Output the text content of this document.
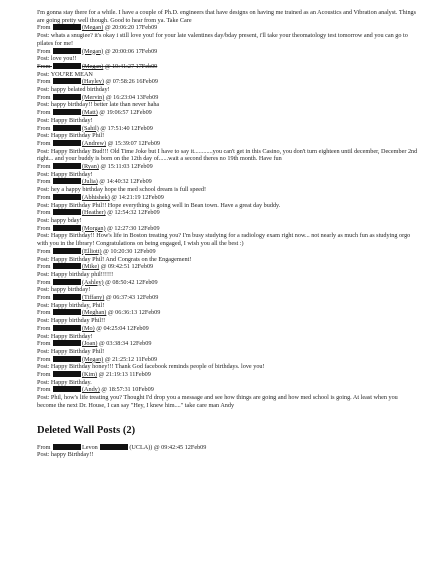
I'm gonna stay there for a while. I have a couple of Ph.D. engineers that have designs on having me trained as an Acoustics and Vibration analyst. Things are going pretty well though. Good to hear from ya. Take Care

From	(Megan) @ 20:06:20 17Feb09
Post: whats a snugiee? it's okay i still love you! for your late valentines day/bday present, i'll take your theomatology test tomorrow and you can go to pilates for me!
From	(Megan) @ 20:00:06 17Feb09
Post: love you!!
From	(Megan) @ 19:41:27 17Feb09
Post: YOU'RE MEAN
From	(Hayley) @ 07:58:26 16Feb09
Post: happy belated birthday!
From	(Mervin) @ 16:23:04 13Feb09
Post: happy birthday!! better late than never haha
From	(Matt) @ 19:06:57 12Feb09
Post: Happy Birthday!
From	(Sahil) @ 17:51:40 12Feb09
Post: Happy Birthday Phil!
From	(Andrew) @ 15:39:07 12Feb09
Post: Happy Birthday Bud!!! Old Time Joke but I have to say it............you can't get in this Casino, you don't turn eighteen until december, December 2nd right... and your buddy is born on the 12th day of......wait a second theres no 19th month. Have fun
From	(Ryan) @ 15:11:03 12Feb09
Post: Happy Birthday!
From	(Julia) @ 14:40:32 12Feb09
Post: hey a happy birthday hope the med school dream is full speed!
From	(Abhishek) @ 14:21:19 12Feb09
Post: Happy Birthday Phil!! Hope everything is going well in Bean town. Have a great day buddy.
From	(Heather) @ 12:54:32 12Feb09
Post: happy bday!
From	(Morgan) @ 12:27:30 12Feb09
Post: Happy Birthday!! How's life in Boston treating you? I'm busy studying for a radiology exam right now... not nearly as much fun as studying orgo with you in the library! Congratulations on being engaged, I wish you all the best :)
From	(Elliott) @ 10:20:30 12Feb09
Post: Happy Birthday Phil! And Congrats on the Engagement!
From	(Mike) @ 09:42:51 12Feb09
Post: Happy birthday phil!!!!!!
From	(Ashley) @ 08:50:42 12Feb09
Post: happy birthday!
From	(Tiffany) @ 06:37:43 12Feb09
Post: Happy birthday, Phil!
From	(Meghan) @ 06:36:13 12Feb09
Post: Happy birthday Phil!!
From	(Mo) @ 04:25:04 12Feb09
Post: Happy Birthday!
From	(Joan) @ 03:38:34 12Feb09
Post: Happy Birthday Phil!
From	(Megan) @ 21:25:12 11Feb09
Post: Happy Birthday honey!!! Thank God facebook reminds people of birthdays. love you!
From	(Kim) @ 21:19:13 11Feb09
Post: Happy Birthday.
From	(Andy) @ 18:57:31 10Feb09
Post: Phil, how's life treating you? Thought I'd drop you a message and see how things are going and how med school is going. At least when you become the next Dr. House, I can say "Hey, I knew him...." take care man Andy
Deleted Wall Posts (2)
From	Levon	(UCLA)) @ 09:42:45 12Feb09
Post: happy Birthday!!
